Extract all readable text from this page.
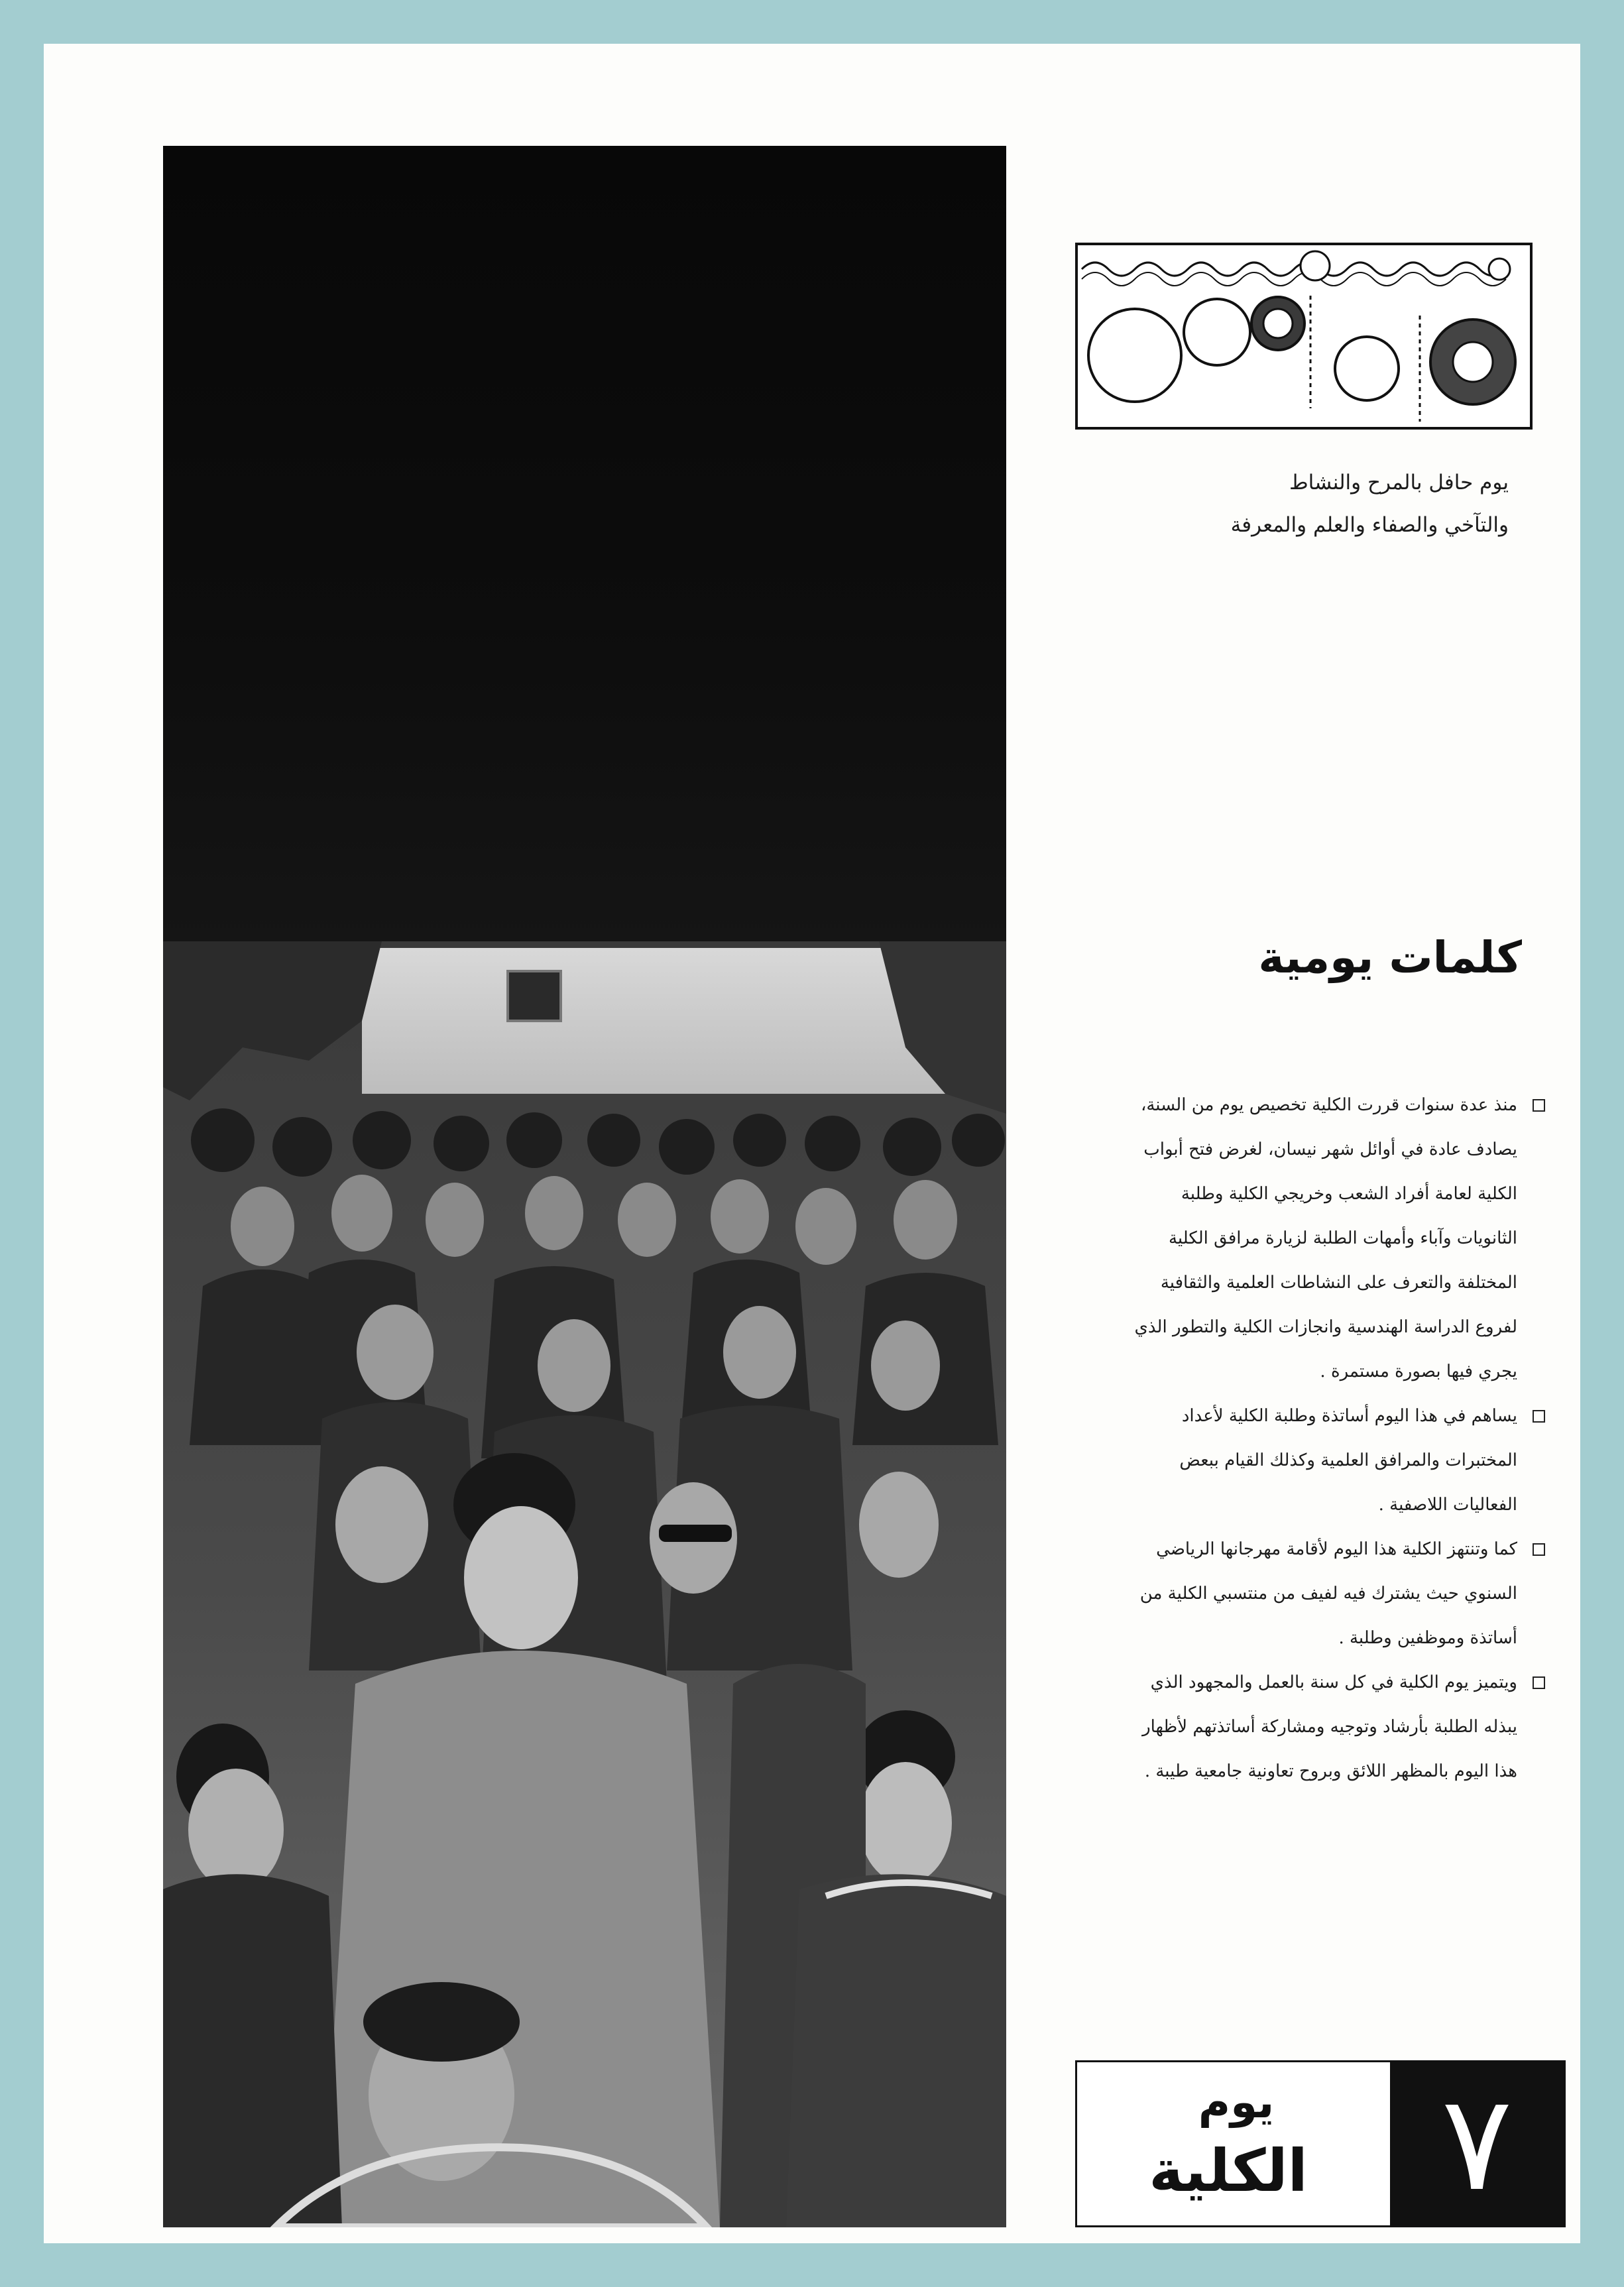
يوم حافل بالمرح والنشاط
والتآخي والصفاء والعلم والمعرفة
كلمات يومية
منذ عدة سنوات قررت الكلية تخصيص يوم من السنة، يصادف عادة في أوائل شهر نيسان، لغرض فتح أبواب الكلية لعامة أفراد الشعب وخريجي الكلية وطلبة الثانويات وآباء وأمهات الطلبة لزيارة مرافق الكلية المختلفة والتعرف على النشاطات العلمية والثقافية لفروع الدراسة الهندسية وانجازات الكلية والتطور الذي يجري فيها بصورة مستمرة .
يساهم في هذا اليوم أساتذة وطلبة الكلية لأعداد المختبرات والمرافق العلمية وكذلك القيام ببعض الفعاليات اللاصفية .
كما وتنتهز الكلية هذا اليوم لأقامة مهرجانها الرياضي السنوي حيث يشترك فيه لفيف من منتسبي الكلية من أساتذة وموظفين وطلبة .
ويتميز يوم الكلية في كل سنة بالعمل والمجهود الذي يبذله الطلبة بأرشاد وتوجيه ومشاركة أساتذتهم لأظهار هذا اليوم بالمظهر اللائق وبروح تعاونية جامعية طيبة .
يوم
الكلية	٧
